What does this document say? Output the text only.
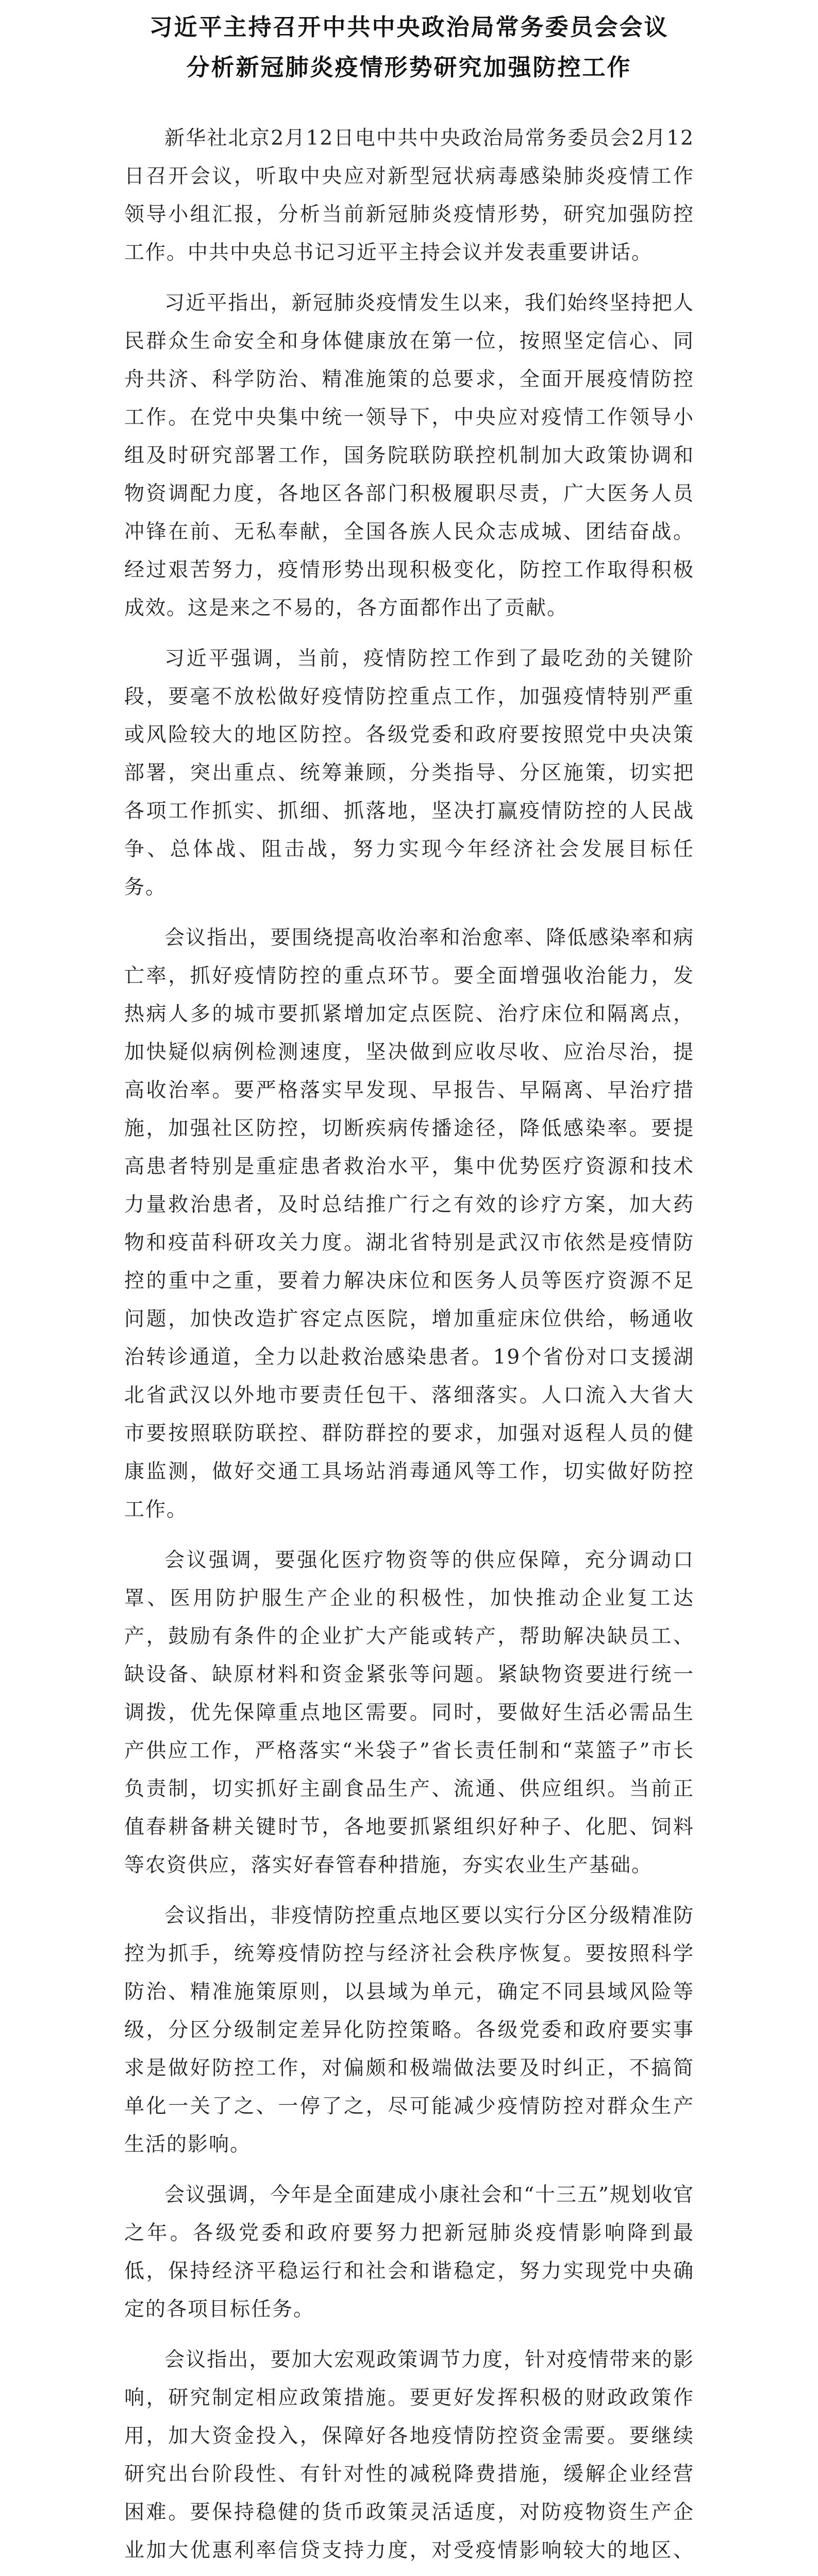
习近平主持召开中共中央政治局常务委员会会议
分析新冠肺炎疫情形势研究加强防控工作

新华社北京2月12日电中共中央政治局常务委员会2月12日召开会议，听取中央应对新型冠状病毒感染肺炎疫情工作领导小组汇报，分析当前新冠肺炎疫情形势，研究加强防控工作。中共中央总书记习近平主持会议并发表重要讲话。

习近平指出，新冠肺炎疫情发生以来，我们始终坚持把人民群众生命安全和身体健康放在第一位，按照坚定信心、同舟共济、科学防治、精准施策的总要求，全面开展疫情防控工作。在党中央集中统一领导下，中央应对疫情工作领导小组及时研究部署工作，国务院联防联控机制加大政策协调和物资调配力度，各地区各部门积极履职尽责，广大医务人员冲锋在前、无私奉献，全国各族人民众志成城、团结奋战。经过艰苦努力，疫情形势出现积极变化，防控工作取得积极成效。这是来之不易的，各方面都作出了贡献。

习近平强调，当前，疫情防控工作到了最吃劲的关键阶段，要毫不放松做好疫情防控重点工作，加强疫情特别严重或风险较大的地区防控。各级党委和政府要按照党中央决策部署，突出重点、统筹兼顾，分类指导、分区施策，切实把各项工作抓实、抓细、抓落地，坚决打赢疫情防控的人民战争、总体战、阻击战，努力实现今年经济社会发展目标任务。

会议指出，要围绕提高收治率和治愈率、降低感染率和病亡率，抓好疫情防控的重点环节。要全面增强收治能力，发热病人多的城市要抓紧增加定点医院、治疗床位和隔离点，加快疑似病例检测速度，坚决做到应收尽收、应治尽治，提高收治率。要严格落实早发现、早报告、早隔离、早治疗措施，加强社区防控，切断疾病传播途径，降低感染率。要提高患者特别是重症患者救治水平，集中优势医疗资源和技术力量救治患者，及时总结推广行之有效的诊疗方案，加大药物和疫苗科研攻关力度。湖北省特别是武汉市依然是疫情防控的重中之重，要着力解决床位和医务人员等医疗资源不足问题，加快改造扩容定点医院，增加重症床位供给，畅通收治转诊通道，全力以赴救治感染患者。19个省份对口支援湖北省武汉以外地市要责任包干、落细落实。人口流入大省大市要按照联防联控、群防群控的要求，加强对返程人员的健康监测，做好交通工具场站消毒通风等工作，切实做好防控工作。

会议强调，要强化医疗物资等的供应保障，充分调动口罩、医用防护服生产企业的积极性，加快推动企业复工达产，鼓励有条件的企业扩大产能或转产，帮助解决缺员工、缺设备、缺原材料和资金紧张等问题。紧缺物资要进行统一调拨，优先保障重点地区需要。同时，要做好生活必需品生产供应工作，严格落实“米袋子”省长责任制和“菜篮子”市长负责制，切实抓好主副食品生产、流通、供应组织。当前正值春耕备耕关键时节，各地要抓紧组织好种子、化肥、饲料等农资供应，落实好春管春种措施，夯实农业生产基础。

会议指出，非疫情防控重点地区要以实行分区分级精准防控为抓手，统筹疫情防控与经济社会秩序恢复。要按照科学防治、精准施策原则，以县域为单元，确定不同县域风险等级，分区分级制定差异化防控策略。各级党委和政府要实事求是做好防控工作，对偏颇和极端做法要及时纠正，不搞简单化一关了之、一停了之，尽可能减少疫情防控对群众生产生活的影响。

会议强调，今年是全面建成小康社会和“十三五”规划收官之年。各级党委和政府要努力把新冠肺炎疫情影响降到最低，保持经济平稳运行和社会和谐稳定，努力实现党中央确定的各项目标任务。

会议指出，要加大宏观政策调节力度，针对疫情带来的影响，研究制定相应政策措施。要更好发挥积极的财政政策作用，加大资金投入，保障好各地疫情防控资金需要。要继续研究出台阶段性、有针对性的减税降费措施，缓解企业经营困难。要保持稳健的货币政策灵活适度，对防疫物资生产企业加大优惠利率信贷支持力度，对受疫情影响较大的地区、
